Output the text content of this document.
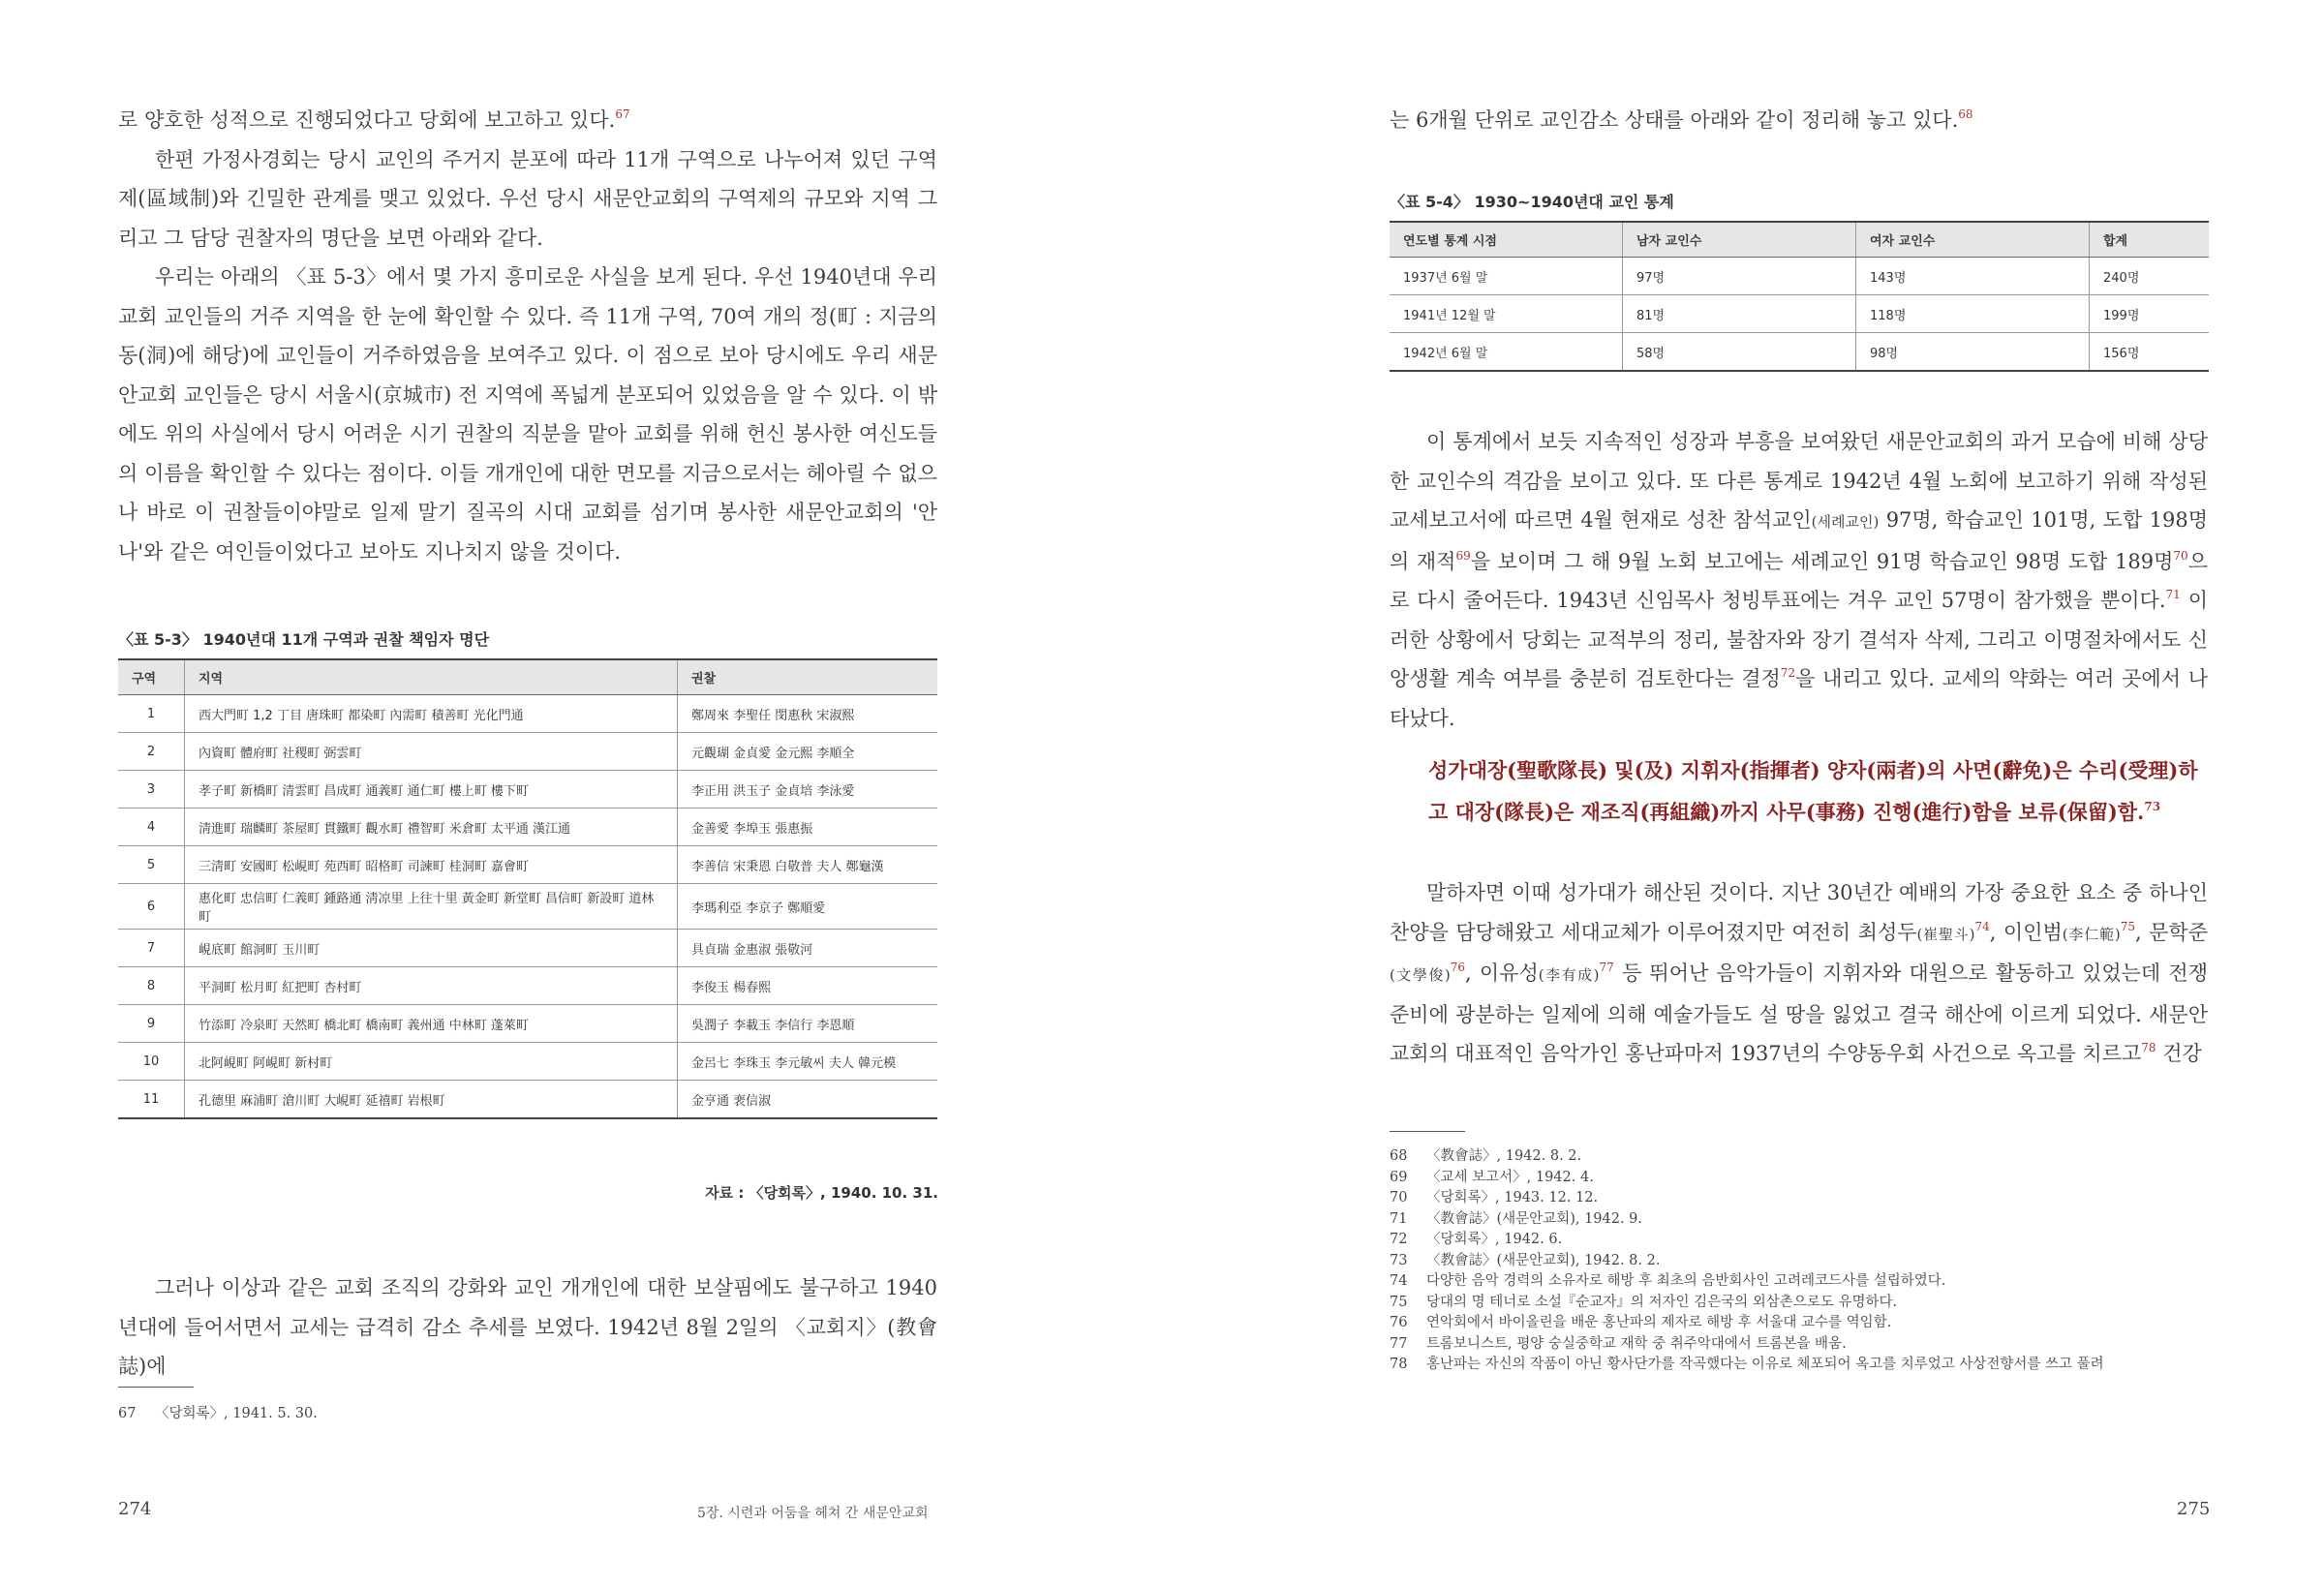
로 양호한 성적으로 진행되었다고 당회에 보고하고 있다.$^{67}$

한편 가정사경회는 당시 교인의 주거지 분포에 따라 11개 구역으로 나누어져 있던 구역제(區域制)와 긴밀한 관계를 맺고 있었다. 우선 당시 새문안교회의 구역제의 규모와 지역 그리고 그 담당 권찰자의 명단을 보면 아래와 같다.

우리는 아래의 〈표 5-3〉에서 몇 가지 흥미로운 사실을 보게 된다. 우선 1940년대 우리 교회 교인들의 거주 지역을 한 눈에 확인할 수 있다. 즉 11개 구역, 70여 개의 정(町 : 지금의 동(洞)에 해당)에 교인들이 거주하였음을 보여주고 있다. 이 점으로 보아 당시에도 우리 새문안교회 교인들은 당시 서울시(京城市) 전 지역에 폭넓게 분포되어 있었음을 알 수 있다. 이 밖에도 위의 사실에서 당시 어려운 시기 권찰의 직분을 맡아 교회를 위해 헌신 봉사한 여신도들의 이름을 확인할 수 있다는 점이다. 이들 개개인에 대한 면모를 지금으로서는 헤아릴 수 없으나 바로 이 권찰들이야말로 일제 말기 질곡의 시대 교회를 섬기며 봉사한 새문안교회의 '안나'와 같은 여인들이었다고 보아도 지나치지 않을 것이다.

〈표 5-3〉 1940년대 11개 구역과 권찰 책임자 명단
구역	지역	권찰
1	西大門町 1,2 丁目 唐珠町 都染町 內需町 積善町 光化門通	鄭周來 李聖任 閔惠秋 宋淑熙
2	內資町 體府町 社稷町 弼雲町	元觀瑚 金貞愛 金元熙 李順全
3	孝子町 新橋町 清雲町 昌成町 通義町 通仁町 樓上町 樓下町	李正用 洪玉子 金貞培 李泳愛
4	淸進町 瑞麟町 茶屋町 貫鐵町 觀水町 禮智町 米倉町 太平通 漢江通	金善愛 李埠玉 張惠振
5	三淸町 安國町 松峴町 苑西町 昭格町 司諫町 桂洞町 嘉會町	李善信 宋秉恩 白敬普 夫人 鄭龜漢
6	惠化町 忠信町 仁義町 鍾路通 淸凉里 上往十里 黃金町 新堂町 昌信町 新設町 道林町	李瑪利亞 李京子 鄭順愛
7	峴底町 館洞町 玉川町	具貞瑞 金惠淑 張敬河
8	平洞町 松月町 紅把町 杏村町	李俊玉 楊春熙
9	竹添町 冷泉町 天然町 橋北町 橋南町 義州通 中林町 蓬萊町	吳潤子 李載玉 李信行 李恩順
10	北阿峴町 阿峴町 新村町	金呂七 李珠玉 李元敏씨 夫人 韓元模
11	孔德里 麻浦町 滄川町 大峴町 延禧町 岩根町	金亨通 裵信淑
자료 : 〈당회록〉, 1940. 10. 31.

그러나 이상과 같은 교회 조직의 강화와 교인 개개인에 대한 보살핌에도 불구하고 1940년대에 들어서면서 교세는 급격히 감소 추세를 보였다. 1942년 8월 2일의 〈교회지〉(教會誌)에

67 〈당회록〉, 1941. 5. 30.
274	5장. 시련과 어둠을 헤쳐 간 새문안교회

는 6개월 단위로 교인감소 상태를 아래와 같이 정리해 놓고 있다.$^{68}$

〈표 5-4〉 1930~1940년대 교인 통계
연도별 통계 시점	남자 교인수	여자 교인수	합계
1937년 6월 말	97명	143명	240명
1941년 12월 말	81명	118명	199명
1942년 6월 말	58명	98명	156명

이 통계에서 보듯 지속적인 성장과 부흥을 보여왔던 새문안교회의 과거 모습에 비해 상당한 교인수의 격감을 보이고 있다. 또 다른 통계로 1942년 4월 노회에 보고하기 위해 작성된 교세보고서에 따르면 4월 현재로 성찬 참석교인(세례교인) 97명, 학습교인 101명, 도합 198명의 재적$^{69}$을 보이며 그 해 9월 노회 보고에는 세례교인 91명 학습교인 98명 도합 189명$^{70}$으로 다시 줄어든다. 1943년 신임목사 청빙투표에는 겨우 교인 57명이 참가했을 뿐이다.$^{71}$ 이러한 상황에서 당회는 교적부의 정리, 불참자와 장기 결석자 삭제, 그리고 이명절차에서도 신앙생활 계속 여부를 충분히 검토한다는 결정$^{72}$을 내리고 있다. 교세의 약화는 여러 곳에서 나타났다.

성가대장(聖歌隊長) 및(及) 지휘자(指揮者) 양자(兩者)의 사면(辭免)은 수리(受理)하고 대장(隊長)은 재조직(再組織)까지 사무(事務) 진행(進行)함을 보류(保留)함.$^{73}$

말하자면 이때 성가대가 해산된 것이다. 지난 30년간 예배의 가장 중요한 요소 중 하나인 찬양을 담당해왔고 세대교체가 이루어졌지만 여전히 최성두(崔聖斗)$^{74}$, 이인범(李仁範)$^{75}$, 문학준(文學俊)$^{76}$, 이유성(李有成)$^{77}$ 등 뛰어난 음악가들이 지휘자와 대원으로 활동하고 있었는데 전쟁 준비에 광분하는 일제에 의해 예술가들도 설 땅을 잃었고 결국 해산에 이르게 되었다. 새문안교회의 대표적인 음악가인 홍난파마저 1937년의 수양동우회 사건으로 옥고를 치르고$^{78}$ 건강

68 〈教會誌〉, 1942. 8. 2.
69 〈교세 보고서〉, 1942. 4.
70 〈당회록〉, 1943. 12. 12.
71 〈教會誌〉(새문안교회), 1942. 9.
72 〈당회록〉, 1942. 6.
73 〈教會誌〉(새문안교회), 1942. 8. 2.
74 다양한 음악 경력의 소유자로 해방 후 최초의 음반회사인 고려레코드사를 설립하였다.
75 당대의 명 테너로 소설『순교자』의 저자인 김은국의 외삼촌으로도 유명하다.
76 연악회에서 바이올린을 배운 홍난파의 제자로 해방 후 서울대 교수를 역임함.
77 트롬보니스트, 평양 숭실중학교 재학 중 취주악대에서 트롬본을 배움.
78 홍난파는 자신의 작품이 아닌 황사단가를 작곡했다는 이유로 체포되어 옥고를 치루었고 사상전향서를 쓰고 풀려
275
